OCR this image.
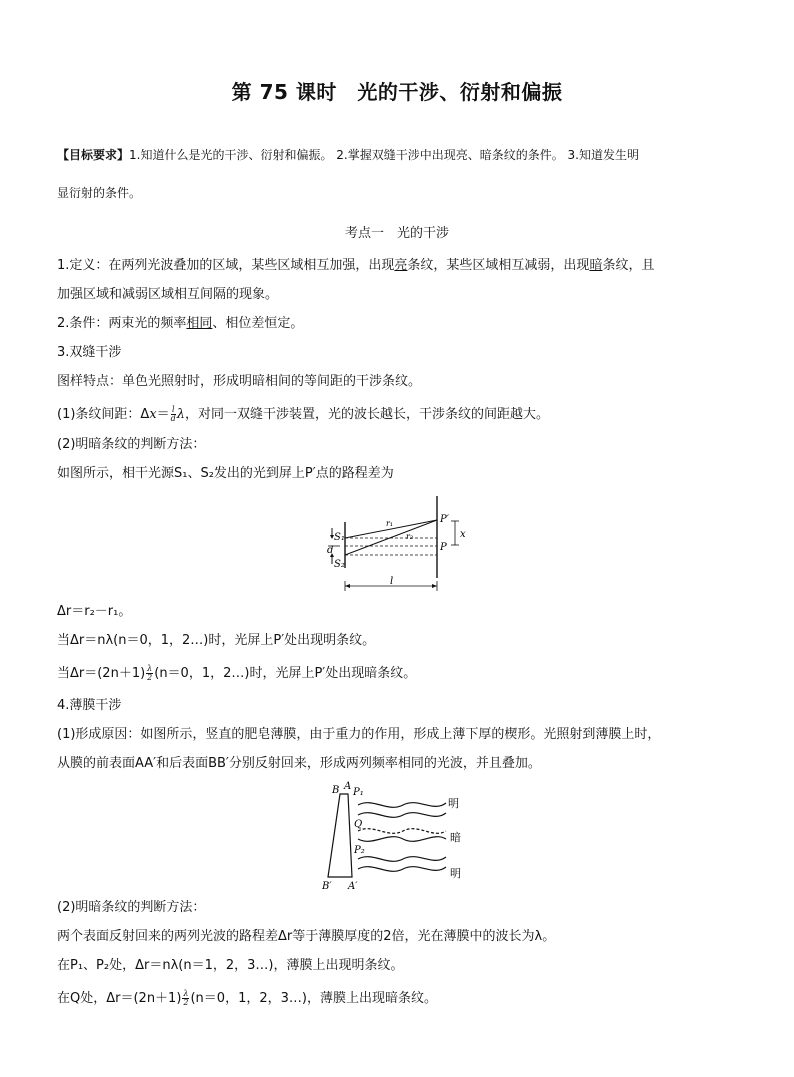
第 75 课时　光的干涉、衍射和偏振
【目标要求】1.知道什么是光的干涉、衍射和偏振。 2.掌握双缝干涉中出现亮、暗条纹的条件。 3.知道发生明
显衍射的条件。
考点一　光的干涉
1.定义：在两列光波叠加的区域，某些区域相互加强，出现亮条纹，某些区域相互减弱，出现暗条纹，且
加强区域和减弱区域相互间隔的现象。
2.条件：两束光的频率相同、相位差恒定。
3.双缝干涉
图样特点：单色光照射时，形成明暗相间的等间距的干涉条纹。
(1)条纹间距：$\Delta x= \frac{l}{d}$ λ，对同一双缝干涉装置，光的波长越长，干涉条纹的间距越大。
(2)明暗条纹的判断方法：
如图所示，相干光源S₁、S₂发出的光到屏上P′点的路程差为
S₁
S₂
d
r₁
r₂
P′
P
x
l
Δr＝r₂－r₁。
当Δr＝nλ(n＝0，1，2…)时，光屏上P′处出现明条纹。
当$\Delta r=(2n+1) \frac{\lambda}{2} (n=0$，1，2…)时，光屏上P′处出现暗条纹。
4.薄膜干涉
(1)形成原因：如图所示，竖直的肥皂薄膜，由于重力的作用，形成上薄下厚的楔形。光照射到薄膜上时，
从膜的前表面AA′和后表面BB′分别反射回来，形成两列频率相同的光波，并且叠加。
B A
P₁
Q
P₂
B′ A′
明
暗
明
(2)明暗条纹的判断方法：
两个表面反射回来的两列光波的路程差Δr等于薄膜厚度的2倍，光在薄膜中的波长为λ。
在P₁、P₂处，Δr＝nλ(n＝1，2，3…)，薄膜上出现明条纹。
在Q处，$\Delta r=(2n+1) \frac{\lambda}{2} (n=0$，1，2，3…)，薄膜上出现暗条纹。
